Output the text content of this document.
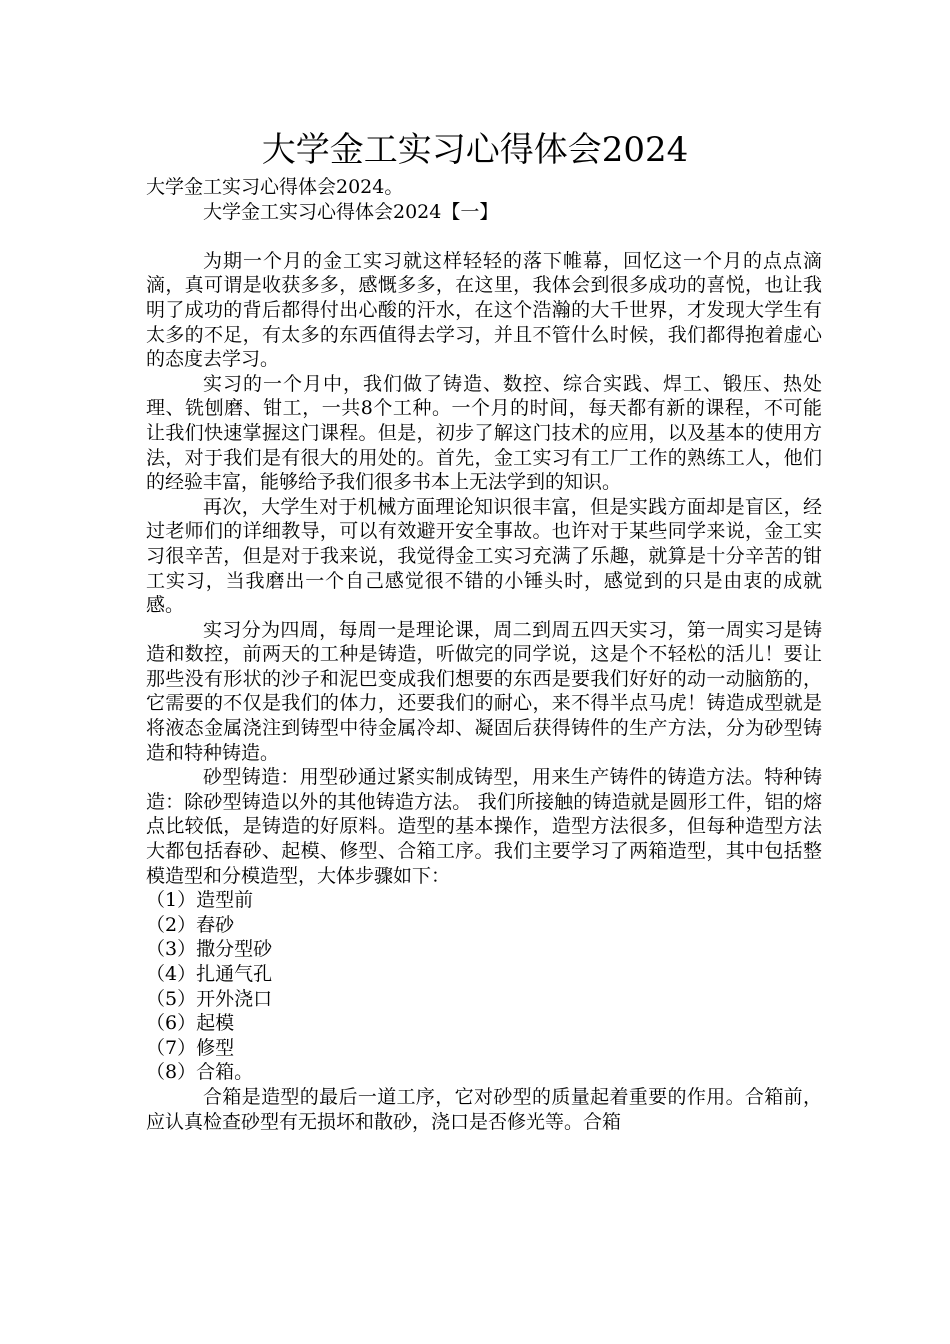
大学金工实习心得体会2024

大学金工实习心得体会2024。

大学金工实习心得体会2024【一】

为期一个月的金工实习就这样轻轻的落下帷幕，回忆这一个月的点点滴滴，真可谓是收获多多，感慨多多，在这里，我体会到很多成功的喜悦，也让我明了成功的背后都得付出心酸的汗水，在这个浩瀚的大千世界，才发现大学生有太多的不足，有太多的东西值得去学习，并且不管什么时候，我们都得抱着虚心的态度去学习。

实习的一个月中，我们做了铸造、数控、综合实践、焊工、锻压、热处理、铣刨磨、钳工，一共8个工种。一个月的时间，每天都有新的课程，不可能让我们快速掌握这门课程。但是，初步了解这门技术的应用，以及基本的使用方法，对于我们是有很大的用处的。首先，金工实习有工厂工作的熟练工人，他们的经验丰富，能够给予我们很多书本上无法学到的知识。

再次，大学生对于机械方面理论知识很丰富，但是实践方面却是盲区，经过老师们的详细教导，可以有效避开安全事故。也许对于某些同学来说，金工实习很辛苦，但是对于我来说，我觉得金工实习充满了乐趣，就算是十分辛苦的钳工实习，当我磨出一个自己感觉很不错的小锤头时，感觉到的只是由衷的成就感。

实习分为四周，每周一是理论课，周二到周五四天实习，第一周实习是铸造和数控，前两天的工种是铸造，听做完的同学说，这是个不轻松的活儿！要让那些没有形状的沙子和泥巴变成我们想要的东西是要我们好好的动一动脑筋的，它需要的不仅是我们的体力，还要我们的耐心，来不得半点马虎！铸造成型就是将液态金属浇注到铸型中待金属冷却、凝固后获得铸件的生产方法，分为砂型铸造和特种铸造。

砂型铸造：用型砂通过紧实制成铸型，用来生产铸件的铸造方法。特种铸造：除砂型铸造以外的其他铸造方法。 我们所接触的铸造就是圆形工件，铝的熔点比较低，是铸造的好原料。造型的基本操作，造型方法很多，但每种造型方法大都包括舂砂、起模、修型、合箱工序。我们主要学习了两箱造型，其中包括整模造型和分模造型，大体步骤如下：

（1）造型前

（2）舂砂

（3）撒分型砂

（4）扎通气孔

（5）开外浇口

（6）起模

（7）修型

（8）合箱。

合箱是造型的最后一道工序，它对砂型的质量起着重要的作用。合箱前，应认真检查砂型有无损坏和散砂，浇口是否修光等。合箱
